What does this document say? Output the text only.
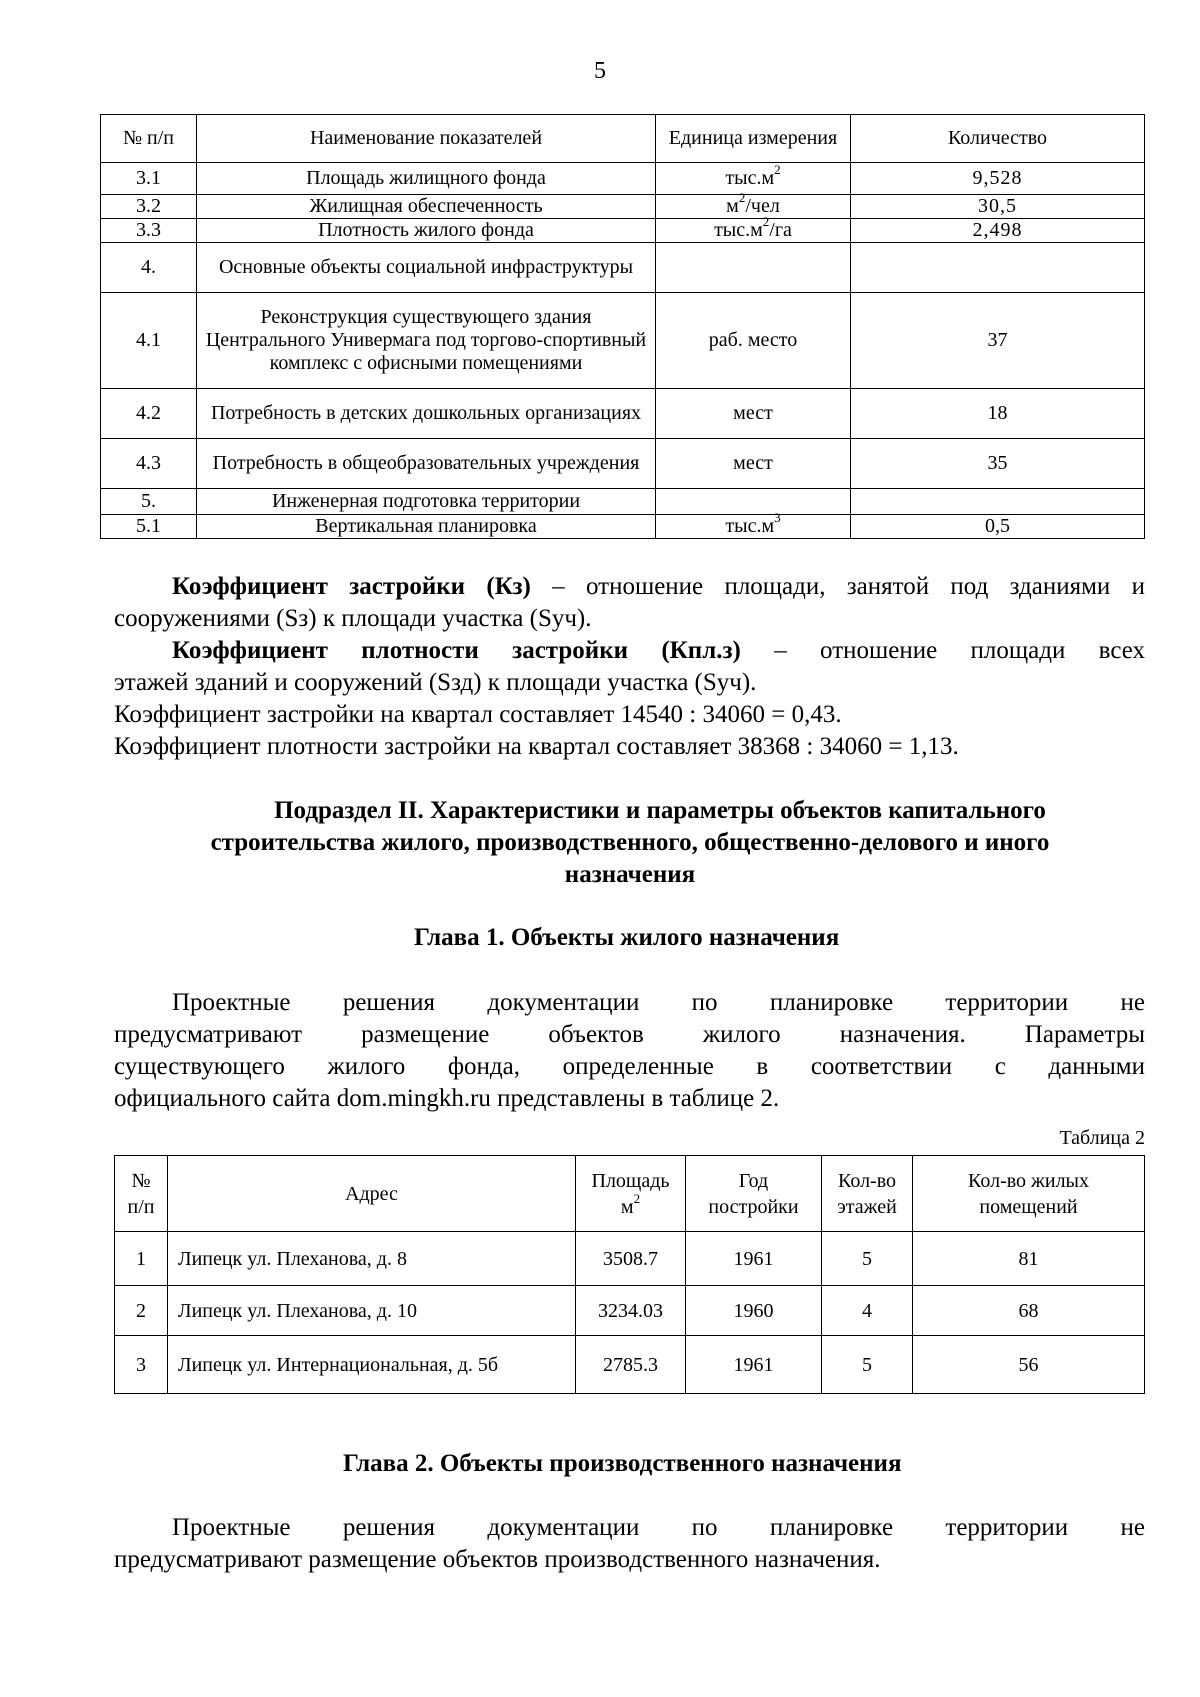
5
№ п/п	Наименование показателей	Единица измерения	Количество
3.1	Площадь жилищного фонда	$тыс.м^2$	9,528
3.2	Жилищная обеспеченность	$м^2$/чел	30,5
3.3	Плотность жилого фонда	$тыс.м^2/га$	2,498
4.	Основные объекты социальной инфраструктуры		
4.1	Реконструкция существующего здания Центрального Универмага под торгово-спортивный комплекс с офисными помещениями	раб. место	37
4.2	Потребность в детских дошкольных организациях	мест	18
4.3	Потребность в общеобразовательных учреждения	мест	35
5.	Инженерная подготовка территории		
5.1	Вертикальная планировка	$тыс.м^3$	0,5
Коэффициент застройки (Кз) – отношение площади, занятой под зданиями и
сооружениями (Sз) к площади участка (Sуч).
Коэффициент плотности застройки (Кпл.з) – отношение площади всех
этажей зданий и сооружений (Sзд) к площади участка (Sуч).
Коэффициент застройки на квартал составляет 14540 : 34060 = 0,43.
Коэффициент плотности застройки на квартал составляет 38368 : 34060 = 1,13.
Подраздел II. Характеристики и параметры объектов капитального
строительства жилого, производственного, общественно-делового и иного
назначения
Глава 1. Объекты жилого назначения
Проектные решения документации по планировке территории не
предусматривают размещение объектов жилого назначения. Параметры
существующего жилого фонда, определенные в соответствии с данными
официального сайта dom.mingkh.ru представлены в таблице 2.
Таблица 2
№ п/п	Адрес	Площадь $м^2$	Год постройки	Кол-во этажей	Кол-во жилых помещений
1	Липецк ул. Плеханова, д. 8	3508.7	1961	5	81
2	Липецк ул. Плеханова, д. 10	3234.03	1960	4	68
3	Липецк ул. Интернациональная, д. 5б	2785.3	1961	5	56
Глава 2. Объекты производственного назначения
Проектные решения документации по планировке территории не
предусматривают размещение объектов производственного назначения.
